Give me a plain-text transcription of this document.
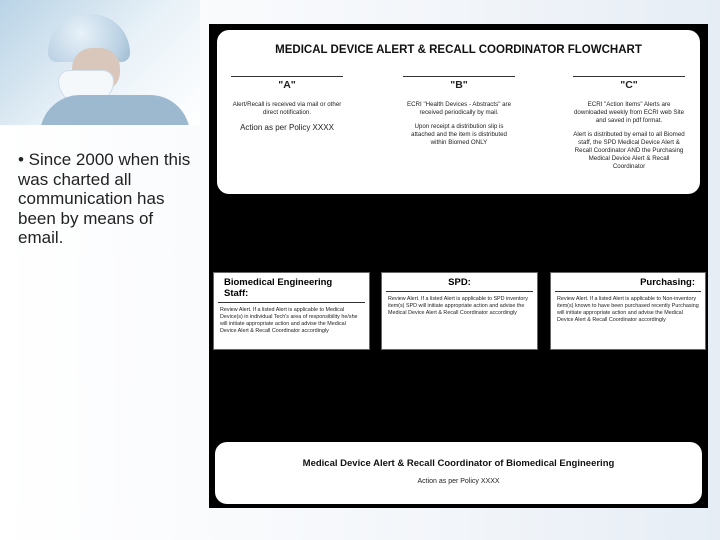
• Since 2000 when this was charted all communication has been by means of email.
MEDICAL DEVICE ALERT & RECALL COORDINATOR FLOWCHART
"A"
Alert/Recall is received via mail or other direct notification.
Action as per Policy XXXX
"B"
ECRI "Health Devices - Abstracts" are received periodically by mail.
Upon receipt a distribution slip is attached and the item is distributed within Biomed ONLY
"C"
ECRI "Action Items" Alerts are downloaded weekly from ECRI web Site and saved in pdf format.
Alert is distributed by email to all Biomed staff, the SPD Medical Device Alert & Recall Coordinator AND the Purchasing Medical Device Alert & Recall Coordinator
Biomedical Engineering Staff:
Review Alert. If a listed Alert is applicable to Medical Device(s) in individual Tech's area of responsibility he/she will initiate appropriate action and advise the Medical Device Alert & Recall Coordinator accordingly
SPD:
Review Alert. If a listed Alert is applicable to SPD inventory item(s) SPD will initiate appropriate action and advise the Medical Device Alert & Recall Coordinator accordingly
Purchasing:
Review Alert. If a listed Alert is applicable to Non-inventory item(s) known to have been purchased recently Purchasing will initiate appropriate action and advise the Medical Device Alert & Recall Coordinator accordingly
Medical Device Alert & Recall Coordinator of Biomedical Engineering
Action as per Policy XXXX
